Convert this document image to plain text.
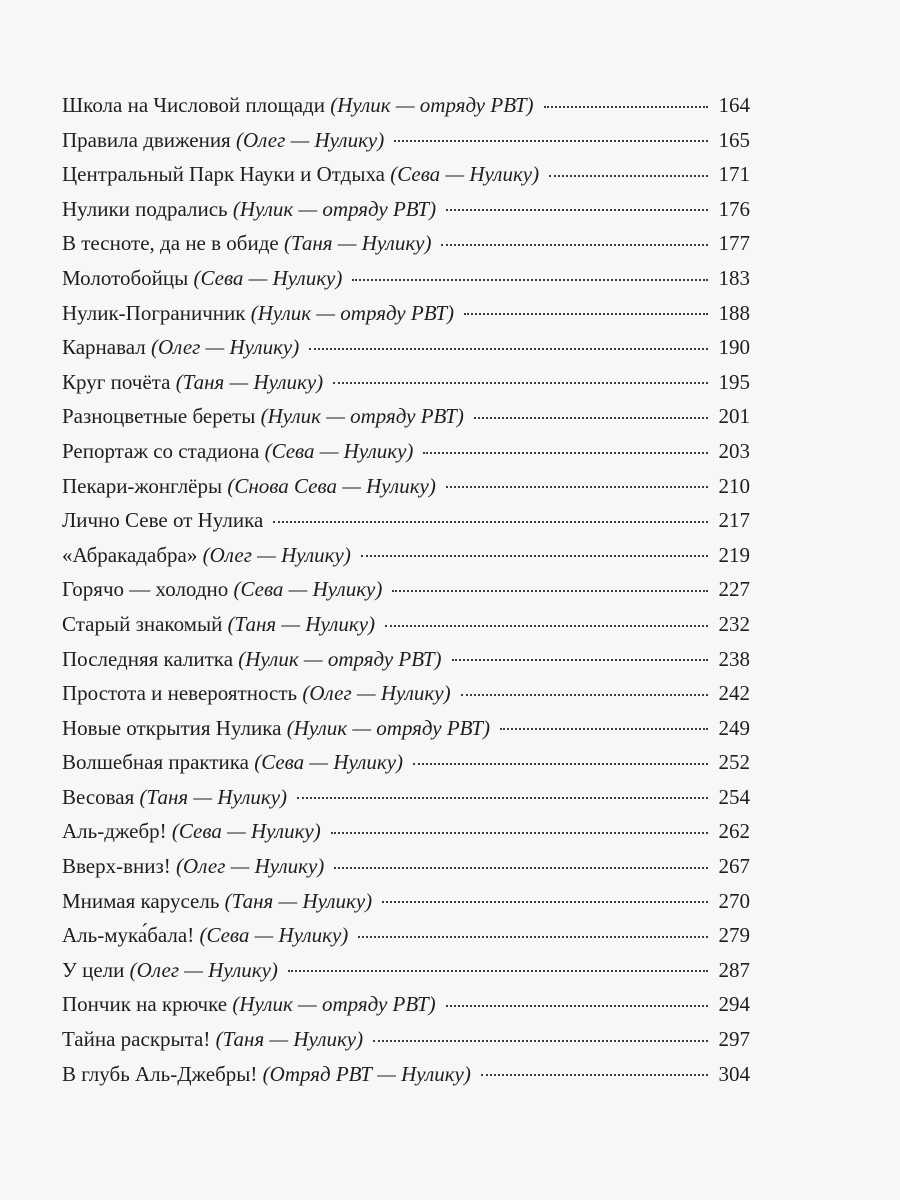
Школа на Числовой площади (Нулик — отряду РВТ)	164
Правила движения (Олег — Нулику)	165
Центральный Парк Науки и Отдыха (Сева — Нулику)	171
Нулики подрались (Нулик — отряду РВТ)	176
В тесноте, да не в обиде (Таня — Нулику)	177
Молотобойцы (Сева — Нулику)	183
Нулик-Пограничник (Нулик — отряду РВТ)	188
Карнавал (Олег — Нулику)	190
Круг почёта (Таня — Нулику)	195
Разноцветные береты (Нулик — отряду РВТ)	201
Репортаж со стадиона (Сева — Нулику)	203
Пекари-жонглёры (Снова Сева — Нулику)	210
Лично Севе от Нулика	217
«Абракадабра» (Олег — Нулику)	219
Горячо — холодно (Сева — Нулику)	227
Старый знакомый (Таня — Нулику)	232
Последняя калитка (Нулик — отряду РВТ)	238
Простота и невероятность (Олег — Нулику)	242
Новые открытия Нулика (Нулик — отряду РВТ)	249
Волшебная практика (Сева — Нулику)	252
Весовая (Таня — Нулику)	254
Аль-джебр! (Сева — Нулику)	262
Вверх-вниз! (Олег — Нулику)	267
Мнимая карусель (Таня — Нулику)	270
Аль-мука́бала! (Сева — Нулику)	279
У цели (Олег — Нулику)	287
Пончик на крючке (Нулик — отряду РВТ)	294
Тайна раскрыта! (Таня — Нулику)	297
В глубь Аль-Джебры! (Отряд РВТ — Нулику)	304
